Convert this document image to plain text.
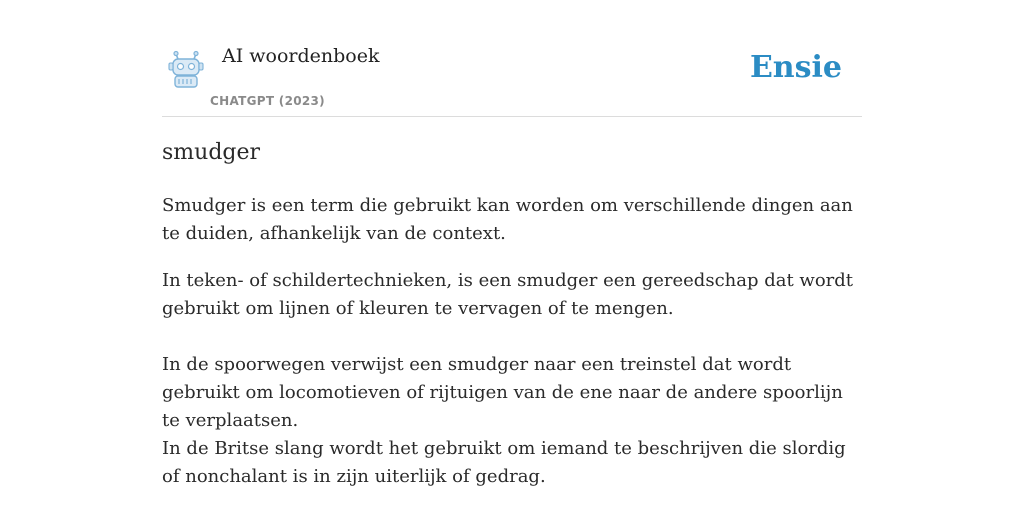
AI woordenboek
CHATGPT (2023)
Ensie
smudger

Smudger is een term die gebruikt kan worden om verschillende dingen aan te duiden, afhankelijk van de context.

In teken- of schildertechnieken, is een smudger een gereedschap dat wordt gebruikt om lijnen of kleuren te vervagen of te mengen.

In de spoorwegen verwijst een smudger naar een treinstel dat wordt gebruikt om locomotieven of rijtuigen van de ene naar de andere spoorlijn te verplaatsen.

In de Britse slang wordt het gebruikt om iemand te beschrijven die slordig of nonchalant is in zijn uiterlijk of gedrag.
